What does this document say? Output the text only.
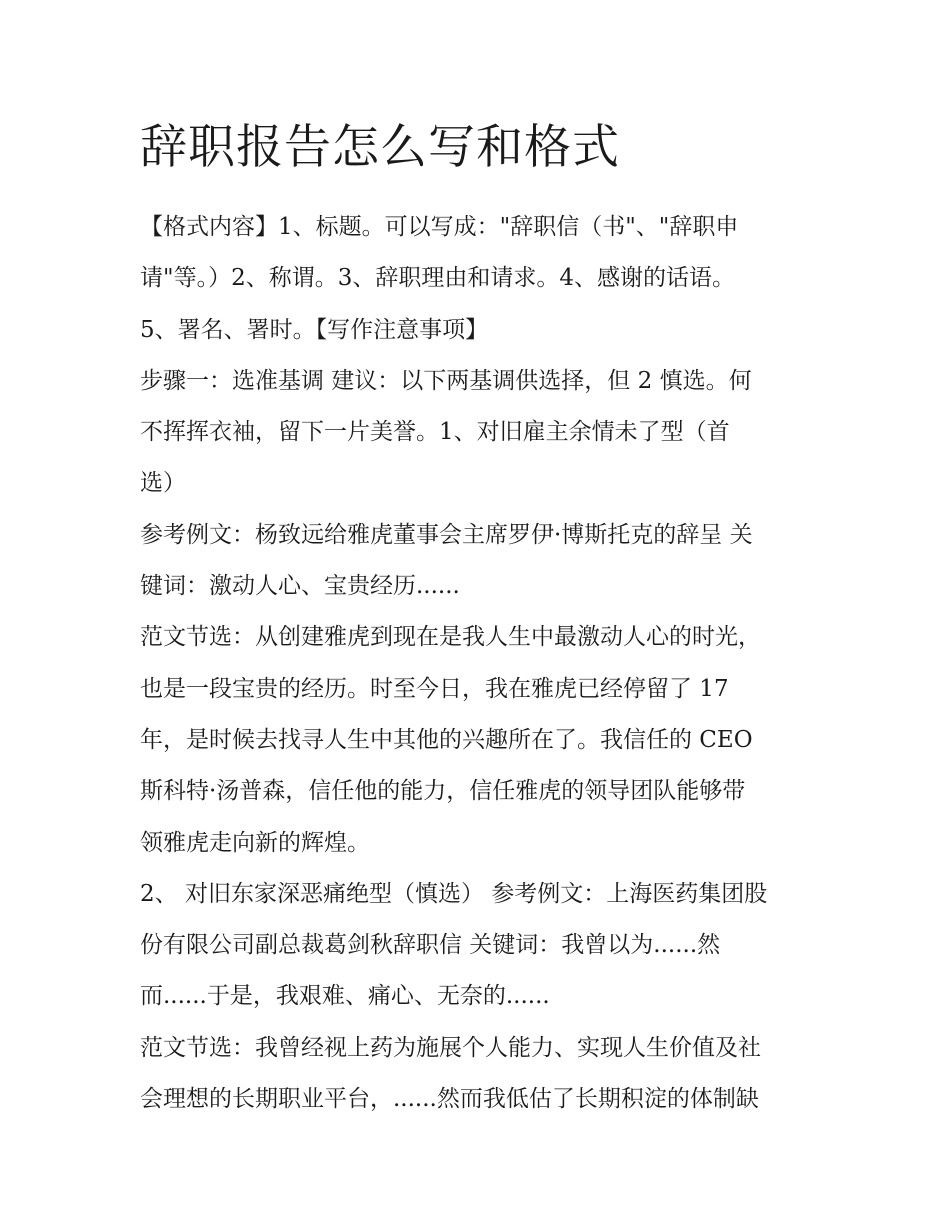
辞职报告怎么写和格式
【格式内容】1、标题。可以写成："辞职信（书"、"辞职申
请"等。）2、称谓。3、辞职理由和请求。4、感谢的话语。
5、署名、署时。【写作注意事项】
步骤一：选准基调 建议：以下两基调供选择，但 2 慎选。何
不挥挥衣袖，留下一片美誉。1、对旧雇主余情未了型（首
选）
参考例文：杨致远给雅虎董事会主席罗伊·博斯托克的辞呈 关
键词：激动人心、宝贵经历......
范文节选：从创建雅虎到现在是我人生中最激动人心的时光，
也是一段宝贵的经历。时至今日，我在雅虎已经停留了 17
年，是时候去找寻人生中其他的兴趣所在了。我信任的 CEO
斯科特·汤普森，信任他的能力，信任雅虎的领导团队能够带
领雅虎走向新的辉煌。
2、 对旧东家深恶痛绝型（慎选） 参考例文：上海医药集团股
份有限公司副总裁葛剑秋辞职信 关键词：我曾以为......然
而......于是，我艰难、痛心、无奈的......
范文节选：我曾经视上药为施展个人能力、实现人生价值及社
会理想的长期职业平台，......然而我低估了长期积淀的体制缺
